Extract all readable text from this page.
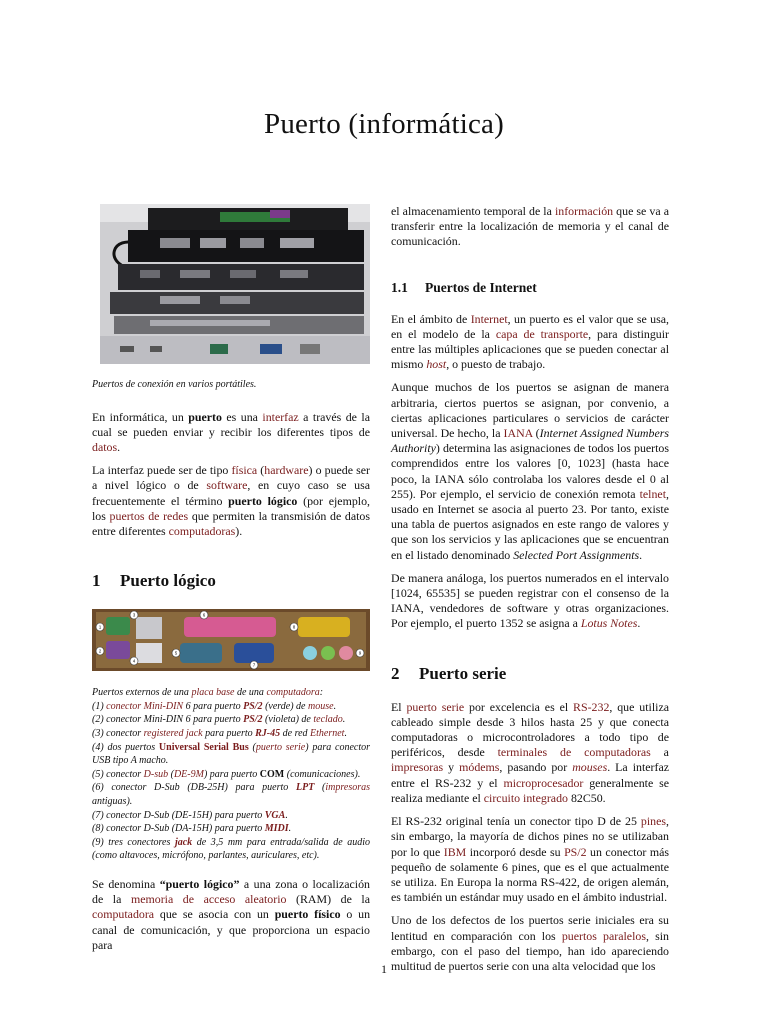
Puerto (informática)

Puertos de conexión en varios portátiles.

En informática, un puerto es una interfaz a través de la cual se pueden enviar y recibir los diferentes tipos de datos.

La interfaz puede ser de tipo física (hardware) o puede ser a nivel lógico o de software, en cuyo caso se usa frecuentemente el término puerto lógico (por ejemplo, los puertos de redes que permiten la transmisión de datos entre diferentes computadoras).

1 Puerto lógico
1
2
3
4
5
6
7
8
9

Puertos externos de una placa base de una computadora:

(1) conector Mini-DIN 6 para puerto PS/2 (verde) de mouse.

(2) conector Mini-DIN 6 para puerto PS/2 (violeta) de teclado.

(3) conector registered jack para puerto RJ-45 de red Ethernet.

(4) dos puertos Universal Serial Bus (puerto serie) para conector USB tipo A macho.

(5) conector D-sub (DE-9M) para puerto COM (comunicaciones).

(6) conector D-Sub (DB-25H) para puerto LPT (impresoras antiguas).

(7) conector D-Sub (DE-15H) para puerto VGA.

(8) conector D-Sub (DA-15H) para puerto MIDI.

(9) tres conectores jack de 3,5 mm para entrada/salida de audio (como altavoces, micrófono, parlantes, auriculares, etc).

Se denomina “puerto lógico” a una zona o localización de la memoria de acceso aleatorio (RAM) de la computadora que se asocia con un puerto físico o un canal de comunicación, y que proporciona un espacio para

el almacenamiento temporal de la información que se va a transferir entre la localización de memoria y el canal de comunicación.

1.1 Puertos de Internet

En el ámbito de Internet, un puerto es el valor que se usa, en el modelo de la capa de transporte, para distinguir entre las múltiples aplicaciones que se pueden conectar al mismo host, o puesto de trabajo.

Aunque muchos de los puertos se asignan de manera arbitraria, ciertos puertos se asignan, por convenio, a ciertas aplicaciones particulares o servicios de carácter universal. De hecho, la IANA (Internet Assigned Numbers Authority) determina las asignaciones de todos los puertos comprendidos entre los valores [0, 1023] (hasta hace poco, la IANA sólo controlaba los valores desde el 0 al 255). Por ejemplo, el servicio de conexión remota telnet, usado en Internet se asocia al puerto 23. Por tanto, existe una tabla de puertos asignados en este rango de valores y que son los servicios y las aplicaciones que se encuentran en el listado denominado Selected Port Assignments.

De manera análoga, los puertos numerados en el intervalo [1024, 65535] se pueden registrar con el consenso de la IANA, vendedores de software y otras organizaciones. Por ejemplo, el puerto 1352 se asigna a Lotus Notes.

2 Puerto serie

El puerto serie por excelencia es el RS-232, que utiliza cableado simple desde 3 hilos hasta 25 y que conecta computadoras o microcontroladores a todo tipo de periféricos, desde terminales de computadoras a impresoras y módems, pasando por mouses. La interfaz entre el RS-232 y el microprocesador generalmente se realiza mediante el circuito integrado 82C50.

El RS-232 original tenía un conector tipo D de 25 pines, sin embargo, la mayoría de dichos pines no se utilizaban por lo que IBM incorporó desde su PS/2 un conector más pequeño de solamente 6 pines, que es el que actualmente se utiliza. En Europa la norma RS-422, de origen alemán, es también un estándar muy usado en el ámbito industrial.

Uno de los defectos de los puertos serie iniciales era su lentitud en comparación con los puertos paralelos, sin embargo, con el paso del tiempo, han ido apareciendo multitud de puertos serie con una alta velocidad que los

1
